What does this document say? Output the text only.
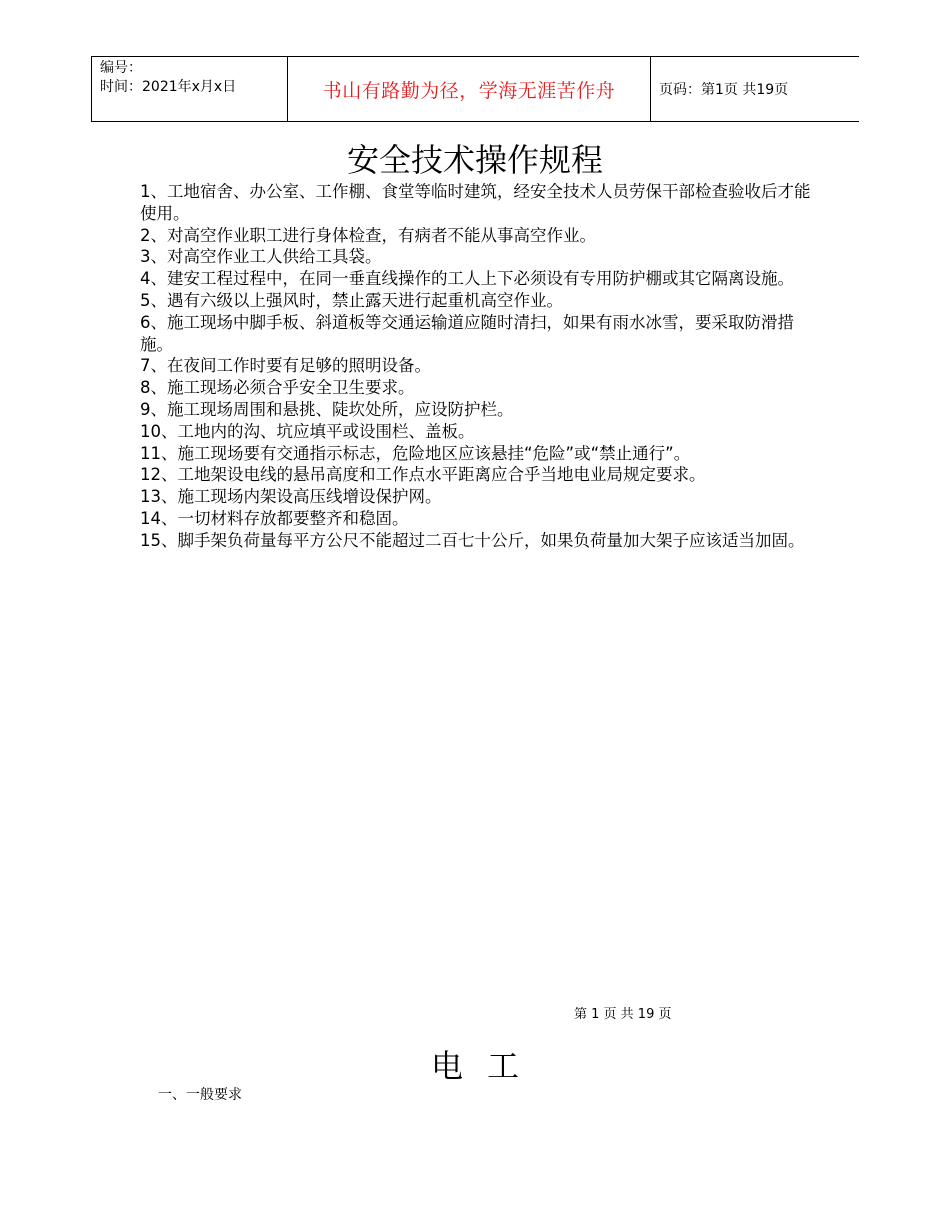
编号：
时间：2021年x月x日	书山有路勤为径，学海无涯苦作舟	页码：第1页 共19页
安全技术操作规程
1、工地宿舍、办公室、工作棚、食堂等临时建筑，经安全技术人员劳保干部检查验收后才能使用。
2、对高空作业职工进行身体检查，有病者不能从事高空作业。
3、对高空作业工人供给工具袋。
4、建安工程过程中，在同一垂直线操作的工人上下必须设有专用防护棚或其它隔离设施。
5、遇有六级以上强风时，禁止露天进行起重机高空作业。
6、施工现场中脚手板、斜道板等交通运输道应随时清扫，如果有雨水冰雪，要采取防滑措施。
7、在夜间工作时要有足够的照明设备。
8、施工现场必须合乎安全卫生要求。
9、施工现场周围和悬挑、陡坎处所，应设防护栏。
10、工地内的沟、坑应填平或设围栏、盖板。
11、施工现场要有交通指示标志，危险地区应该悬挂“危险”或“禁止通行”。
12、工地架设电线的悬吊高度和工作点水平距离应合乎当地电业局规定要求。
13、施工现场内架设高压线增设保护网。
14、一切材料存放都要整齐和稳固。
15、脚手架负荷量每平方公尺不能超过二百七十公斤，如果负荷量加大架子应该适当加固。
第 1 页 共 19 页
电工
一、一般要求
